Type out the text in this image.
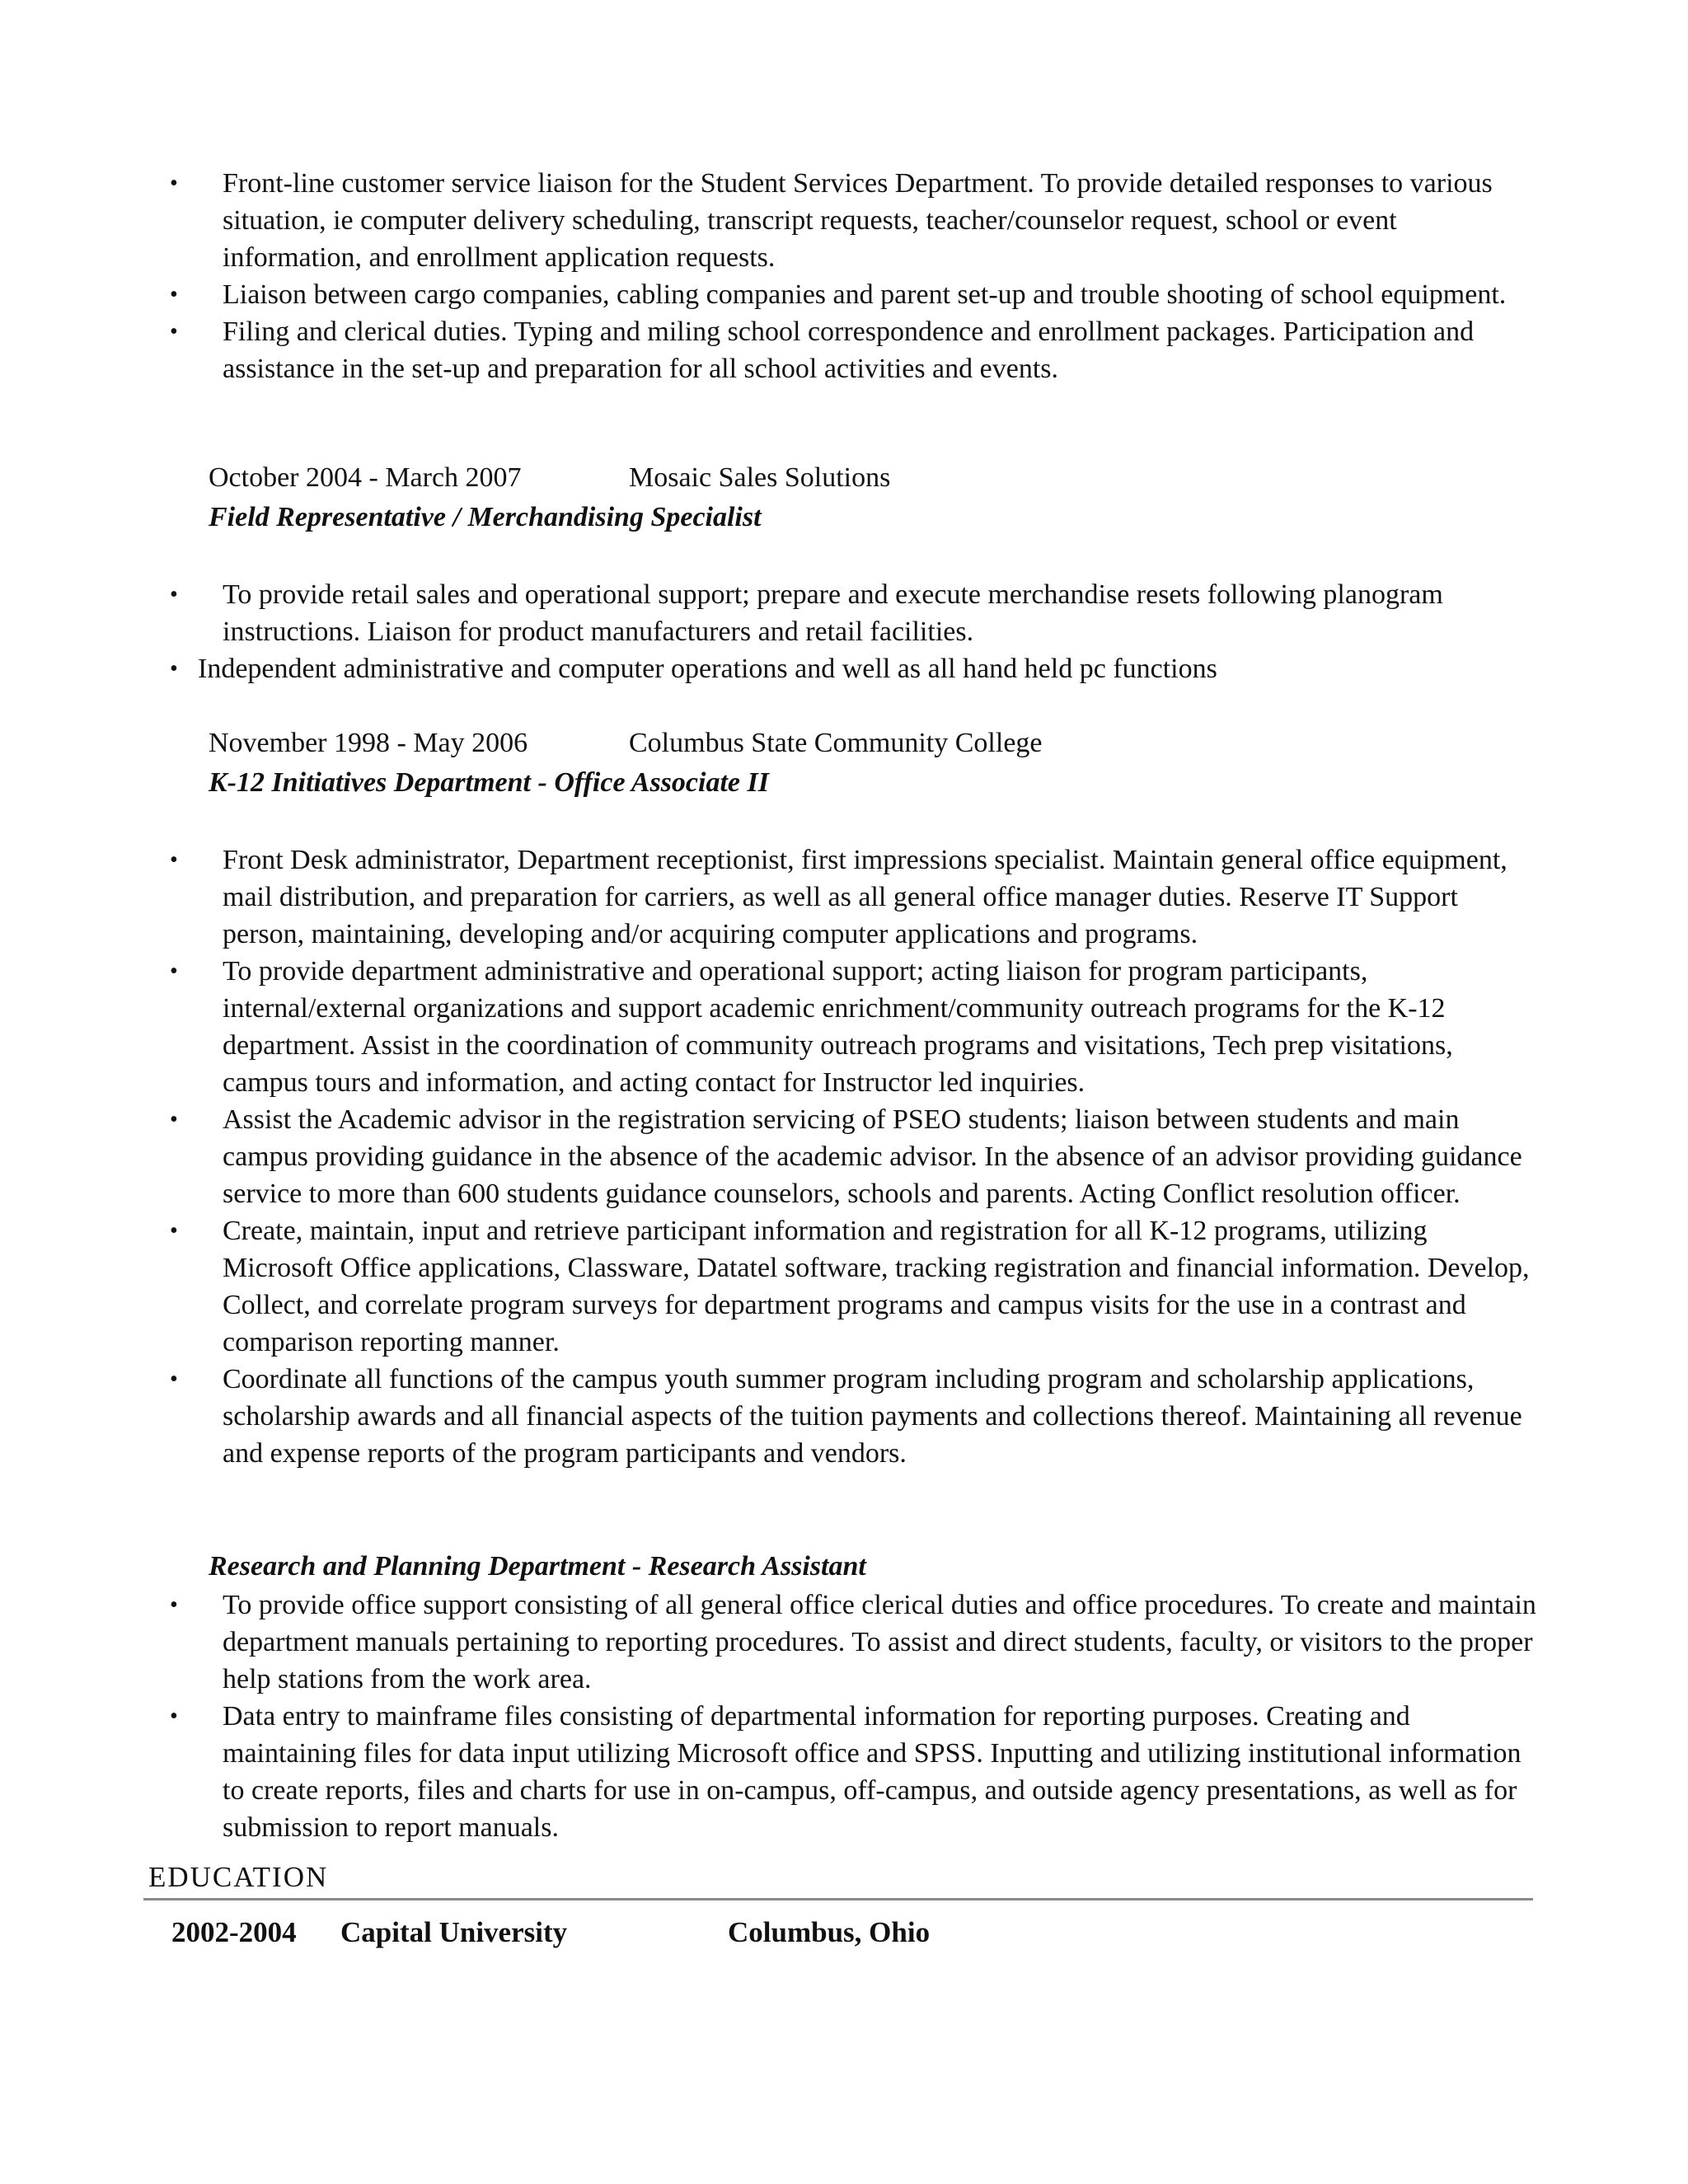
• Front-line customer service liaison for the Student Services Department. To provide detailed responses to various situation, ie computer delivery scheduling, transcript requests, teacher/counselor request, school or event information, and enrollment application requests.
• Liaison between cargo companies, cabling companies and parent set-up and trouble shooting of school equipment.
• Filing and clerical duties. Typing and miling school correspondence and enrollment packages. Participation and assistance in the set-up and preparation for all school activities and events.
October 2004 - March 2007	Mosaic Sales Solutions
Field Representative / Merchandising Specialist
• To provide retail sales and operational support; prepare and execute merchandise resets following planogram instructions. Liaison for product manufacturers and retail facilities.
• Independent administrative and computer operations and well as all hand held pc functions
November 1998 - May 2006	Columbus State Community College
K-12 Initiatives Department - Office Associate II
• Front Desk administrator, Department receptionist, first impressions specialist. Maintain general office equipment, mail distribution, and preparation for carriers, as well as all general office manager duties. Reserve IT Support person, maintaining, developing and/or acquiring computer applications and programs.
• To provide department administrative and operational support; acting liaison for program participants, internal/external organizations and support academic enrichment/community outreach programs for the K-12 department. Assist in the coordination of community outreach programs and visitations, Tech prep visitations, campus tours and information, and acting contact for Instructor led inquiries.
• Assist the Academic advisor in the registration servicing of PSEO students; liaison between students and main campus providing guidance in the absence of the academic advisor. In the absence of an advisor providing guidance service to more than 600 students guidance counselors, schools and parents. Acting Conflict resolution officer.
• Create, maintain, input and retrieve participant information and registration for all K-12 programs, utilizing Microsoft Office applications, Classware, Datatel software, tracking registration and financial information. Develop, Collect, and correlate program surveys for department programs and campus visits for the use in a contrast and comparison reporting manner.
• Coordinate all functions of the campus youth summer program including program and scholarship applications, scholarship awards and all financial aspects of the tuition payments and collections thereof. Maintaining all revenue and expense reports of the program participants and vendors.
Research and Planning Department - Research Assistant
• To provide office support consisting of all general office clerical duties and office procedures. To create and maintain department manuals pertaining to reporting procedures. To assist and direct students, faculty, or visitors to the proper help stations from the work area.
• Data entry to mainframe files consisting of departmental information for reporting purposes. Creating and maintaining files for data input utilizing Microsoft office and SPSS. Inputting and utilizing institutional information to create reports, files and charts for use in on-campus, off-campus, and outside agency presentations, as well as for submission to report manuals.
EDUCATION
2002-2004 Capital University	Columbus, Ohio
